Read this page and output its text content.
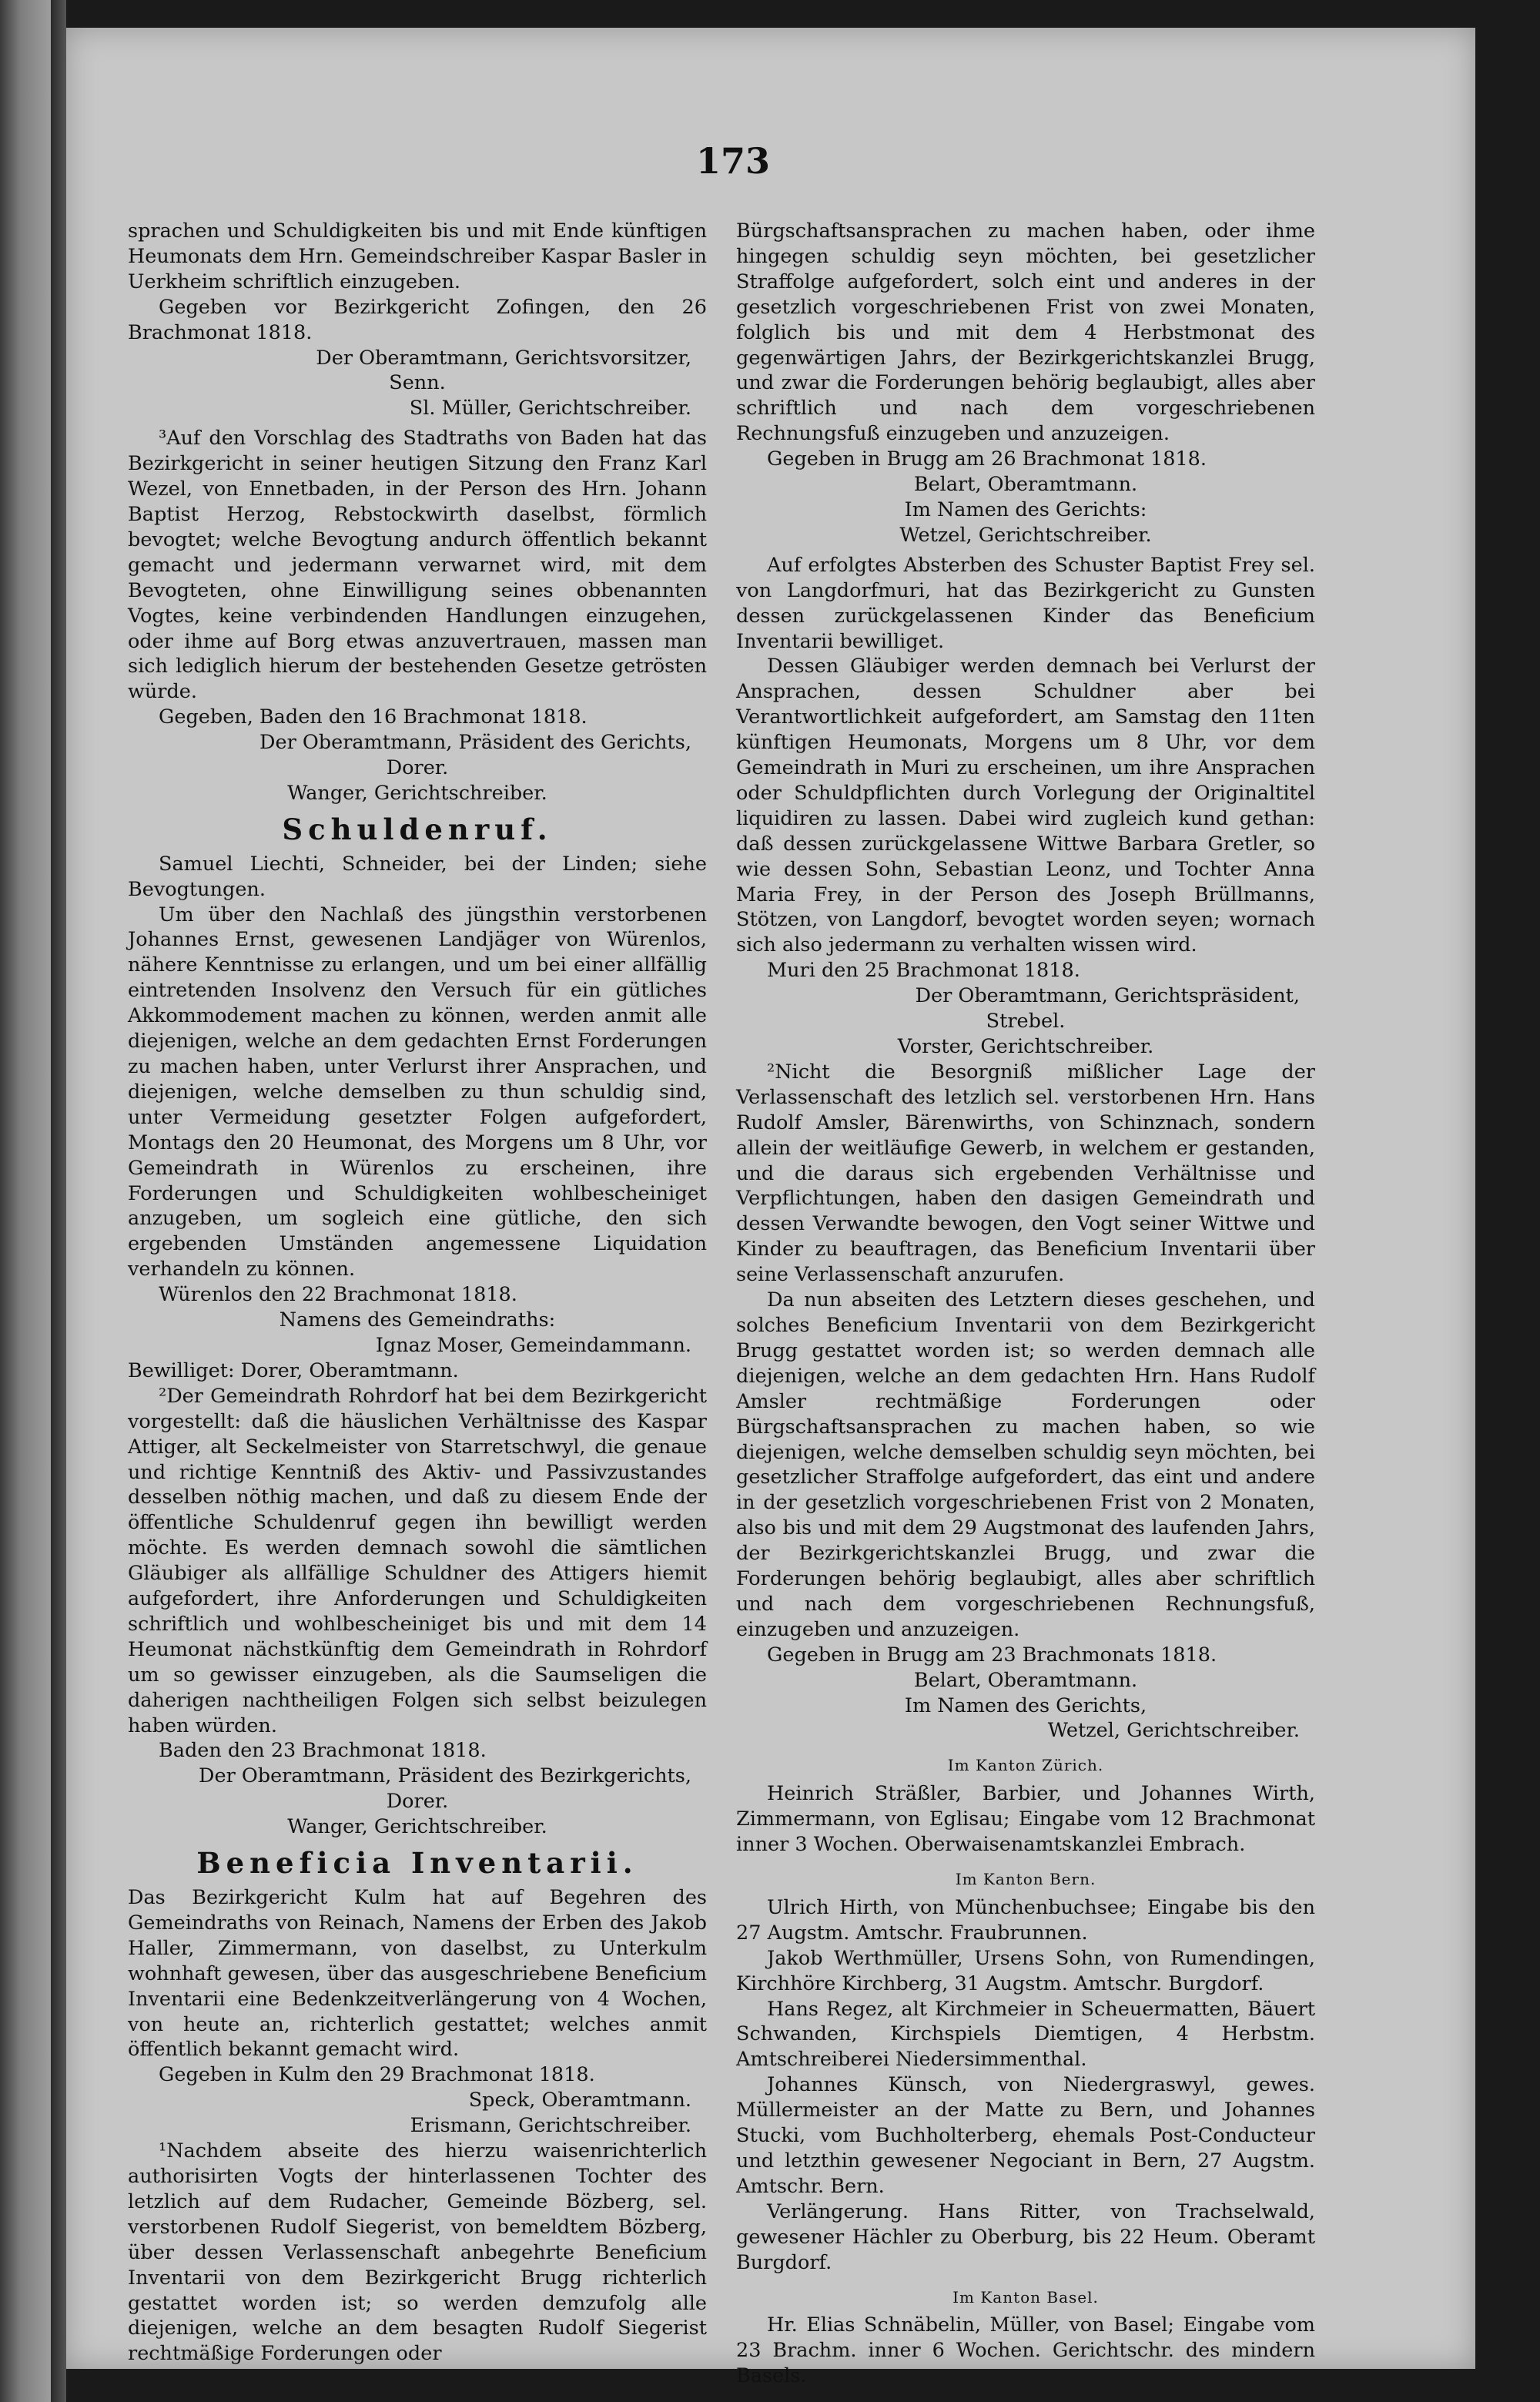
173

sprachen und Schuldigkeiten bis und mit Ende künftigen Heumonats dem Hrn. Gemeindschreiber Kaspar Basler in Uerkheim schriftlich einzugeben.

Gegeben vor Bezirkgericht Zofingen, den 26 Brachmonat 1818.

Der Oberamtmann, Gerichtsvorsitzer,
Senn.
Sl. Müller, Gerichtschreiber.

³Auf den Vorschlag des Stadtraths von Baden hat das Bezirkgericht in seiner heutigen Sitzung den Franz Karl Wezel, von Ennetbaden, in der Person des Hrn. Johann Baptist Herzog, Rebstockwirth daselbst, förmlich bevogtet; welche Bevogtung andurch öffentlich bekannt gemacht und jedermann verwarnet wird, mit dem Bevogteten, ohne Einwilligung seines obbenannten Vogtes, keine verbindenden Handlungen einzugehen, oder ihme auf Borg etwas anzuvertrauen, massen man sich lediglich hierum der bestehenden Gesetze getrösten würde.

Gegeben, Baden den 16 Brachmonat 1818.

Der Oberamtmann, Präsident des Gerichts,
Dorer.
Wanger, Gerichtschreiber.
Schuldenruf.

Samuel Liechti, Schneider, bei der Linden; siehe Bevogtungen.

Um über den Nachlaß des jüngsthin verstorbenen Johannes Ernst, gewesenen Landjäger von Würenlos, nähere Kenntnisse zu erlangen, und um bei einer allfällig eintretenden Insolvenz den Versuch für ein gütliches Akkommodement machen zu können, werden anmit alle diejenigen, welche an dem gedachten Ernst Forderungen zu machen haben, unter Verlurst ihrer Ansprachen, und diejenigen, welche demselben zu thun schuldig sind, unter Vermeidung gesetzter Folgen aufgefordert, Montags den 20 Heumonat, des Morgens um 8 Uhr, vor Gemeindrath in Würenlos zu erscheinen, ihre Forderungen und Schuldigkeiten wohlbescheiniget anzugeben, um sogleich eine gütliche, den sich ergebenden Umständen angemessene Liquidation verhandeln zu können.

Würenlos den 22 Brachmonat 1818.

Namens des Gemeindraths:
Ignaz Moser, Gemeindammann.
Bewilliget: Dorer, Oberamtmann.

²Der Gemeindrath Rohrdorf hat bei dem Bezirkgericht vorgestellt: daß die häuslichen Verhältnisse des Kaspar Attiger, alt Seckelmeister von Starretschwyl, die genaue und richtige Kenntniß des Aktiv- und Passivzustandes desselben nöthig machen, und daß zu diesem Ende der öffentliche Schuldenruf gegen ihn bewilligt werden möchte. Es werden demnach sowohl die sämtlichen Gläubiger als allfällige Schuldner des Attigers hiemit aufgefordert, ihre Anforderungen und Schuldigkeiten schriftlich und wohlbescheiniget bis und mit dem 14 Heumonat nächstkünftig dem Gemeindrath in Rohrdorf um so gewisser einzugeben, als die Saumseligen die daherigen nachtheiligen Folgen sich selbst beizulegen haben würden.

Baden den 23 Brachmonat 1818.

Der Oberamtmann, Präsident des Bezirkgerichts,
Dorer.
Wanger, Gerichtschreiber.
Beneficia Inventarii.

Das Bezirkgericht Kulm hat auf Begehren des Gemeindraths von Reinach, Namens der Erben des Jakob Haller, Zimmermann, von daselbst, zu Unterkulm wohnhaft gewesen, über das ausgeschriebene Beneficium Inventarii eine Bedenkzeitverlängerung von 4 Wochen, von heute an, richterlich gestattet; welches anmit öffentlich bekannt gemacht wird.

Gegeben in Kulm den 29 Brachmonat 1818.

Speck, Oberamtmann.
Erismann, Gerichtschreiber.

¹Nachdem abseite des hierzu waisenrichterlich authorisirten Vogts der hinterlassenen Tochter des letzlich auf dem Rudacher, Gemeinde Bözberg, sel. verstorbenen Rudolf Siegerist, von bemeldtem Bözberg, über dessen Verlassenschaft anbegehrte Beneficium Inventarii von dem Bezirkgericht Brugg richterlich gestattet worden ist; so werden demzufolg alle diejenigen, welche an dem besagten Rudolf Siegerist rechtmäßige Forderungen oder

Bürgschaftsansprachen zu machen haben, oder ihme hingegen schuldig seyn möchten, bei gesetzlicher Straffolge aufgefordert, solch eint und anderes in der gesetzlich vorgeschriebenen Frist von zwei Monaten, folglich bis und mit dem 4 Herbstmonat des gegenwärtigen Jahrs, der Bezirkgerichtskanzlei Brugg, und zwar die Forderungen behörig beglaubigt, alles aber schriftlich und nach dem vorgeschriebenen Rechnungsfuß einzugeben und anzuzeigen.

Gegeben in Brugg am 26 Brachmonat 1818.

Belart, Oberamtmann.
Im Namen des Gerichts:
Wetzel, Gerichtschreiber.

Auf erfolgtes Absterben des Schuster Baptist Frey sel. von Langdorfmuri, hat das Bezirkgericht zu Gunsten dessen zurückgelassenen Kinder das Beneficium Inventarii bewilliget.

Dessen Gläubiger werden demnach bei Verlurst der Ansprachen, dessen Schuldner aber bei Verantwortlichkeit aufgefordert, am Samstag den 11ten künftigen Heumonats, Morgens um 8 Uhr, vor dem Gemeindrath in Muri zu erscheinen, um ihre Ansprachen oder Schuldpflichten durch Vorlegung der Originaltitel liquidiren zu lassen. Dabei wird zugleich kund gethan: daß dessen zurückgelassene Wittwe Barbara Gretler, so wie dessen Sohn, Sebastian Leonz, und Tochter Anna Maria Frey, in der Person des Joseph Brüllmanns, Stötzen, von Langdorf, bevogtet worden seyen; wornach sich also jedermann zu verhalten wissen wird.

Muri den 25 Brachmonat 1818.

Der Oberamtmann, Gerichtspräsident,
Strebel.
Vorster, Gerichtschreiber.

²Nicht die Besorgniß mißlicher Lage der Verlassenschaft des letzlich sel. verstorbenen Hrn. Hans Rudolf Amsler, Bärenwirths, von Schinznach, sondern allein der weitläufige Gewerb, in welchem er gestanden, und die daraus sich ergebenden Verhältnisse und Verpflichtungen, haben den dasigen Gemeindrath und dessen Verwandte bewogen, den Vogt seiner Wittwe und Kinder zu beauftragen, das Beneficium Inventarii über seine Verlassenschaft anzurufen.

Da nun abseiten des Letztern dieses geschehen, und solches Beneficium Inventarii von dem Bezirkgericht Brugg gestattet worden ist; so werden demnach alle diejenigen, welche an dem gedachten Hrn. Hans Rudolf Amsler rechtmäßige Forderungen oder Bürgschaftsansprachen zu machen haben, so wie diejenigen, welche demselben schuldig seyn möchten, bei gesetzlicher Straffolge aufgefordert, das eint und andere in der gesetzlich vorgeschriebenen Frist von 2 Monaten, also bis und mit dem 29 Augstmonat des laufenden Jahrs, der Bezirkgerichtskanzlei Brugg, und zwar die Forderungen behörig beglaubigt, alles aber schriftlich und nach dem vorgeschriebenen Rechnungsfuß, einzugeben und anzuzeigen.

Gegeben in Brugg am 23 Brachmonats 1818.

Belart, Oberamtmann.
Im Namen des Gerichts,
Wetzel, Gerichtschreiber.
Im Kanton Zürich.

Heinrich Sträßler, Barbier, und Johannes Wirth, Zimmermann, von Eglisau; Eingabe vom 12 Brachmonat inner 3 Wochen. Oberwaisenamtskanzlei Embrach.

Im Kanton Bern.

Ulrich Hirth, von Münchenbuchsee; Eingabe bis den 27 Augstm. Amtschr. Fraubrunnen.

Jakob Werthmüller, Ursens Sohn, von Rumendingen, Kirchhöre Kirchberg, 31 Augstm. Amtschr. Burgdorf.

Hans Regez, alt Kirchmeier in Scheuermatten, Bäuert Schwanden, Kirchspiels Diemtigen, 4 Herbstm. Amtschreiberei Niedersimmenthal.

Johannes Künsch, von Niedergraswyl, gewes. Müllermeister an der Matte zu Bern, und Johannes Stucki, vom Buchholterberg, ehemals Post-Conducteur und letzthin gewesener Negociant in Bern, 27 Augstm. Amtschr. Bern.

Verlängerung. Hans Ritter, von Trachselwald, gewesener Hächler zu Oberburg, bis 22 Heum. Oberamt Burgdorf.

Im Kanton Basel.

Hr. Elias Schnäbelin, Müller, von Basel; Eingabe vom 23 Brachm. inner 6 Wochen. Gerichtschr. des mindern Basels.
